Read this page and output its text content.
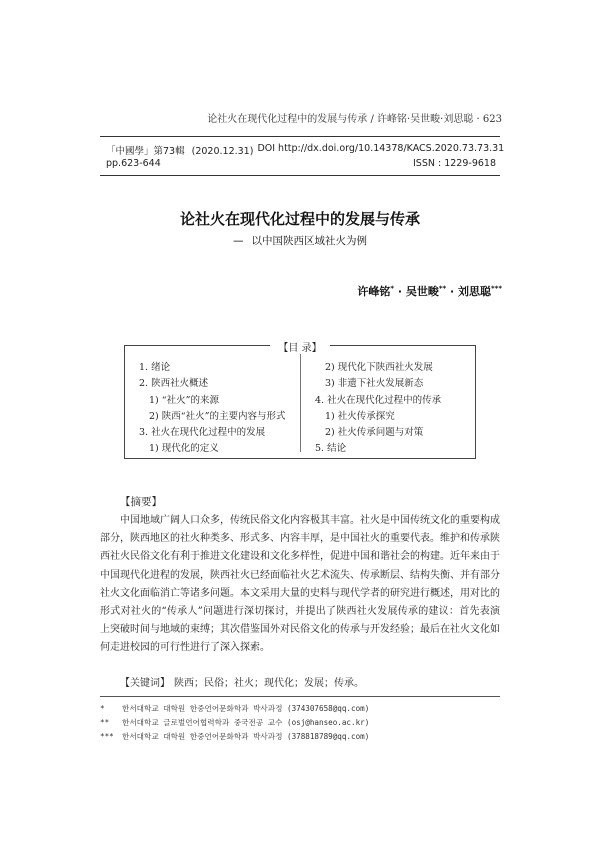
论社火在现代化过程中的发展与传承 / 许峰铭·吴世畯·刘思聪 · 623
「中國學」第73輯 (2020.12.31) DOI http://dx.doi.org/10.14378/KACS.2020.73.73.31
pp.623-644	ISSN : 1229-9618
论社火在现代化过程中的发展与传承
— 以中国陕西区域社火为例
许峰铭* · 吴世畯** · 刘思聪***
【目 录】
1. 绪论
2. 陕西社火概述
1) “社火”的来源
2) 陕西“社火”的主要内容与形式
3. 社火在现代化过程中的发展
1) 现代化的定义
2) 现代化下陕西社火发展
3) 非遗下社火发展新态
4. 社火在现代化过程中的传承
1) 社火传承探究
2) 社火传承问题与对策
5. 结论
【摘要】
中国地域广阔人口众多，传统民俗文化内容极其丰富。社火是中国传统文化的重要构成部分，陕西地区的社火种类多、形式多、内容丰厚，是中国社火的重要代表。维护和传承陕西社火民俗文化有利于推进文化建设和文化多样性，促进中国和谐社会的构建。近年来由于中国现代化进程的发展，陕西社火已经面临社火艺术流失、传承断层、结构失衡、并有部分社火文化面临消亡等诸多问题。本文采用大量的史料与现代学者的研究进行概述，用对比的形式对社火的“传承人”问题进行深切探讨，并提出了陕西社火发展传承的建议：首先表演上突破时间与地域的束缚；其次借鉴国外对民俗文化的传承与开发经验；最后在社火文化如何走进校园的可行性进行了深入探索。
【关键词】 陕西；民俗；社火；现代化；发展；传承。
* 한서대학교 대학원 한중언어문화학과 박사과정 (374307658@qq.com)
** 한서대학교 글로벌언어협력학과 중국전공 교수 (osj@hanseo.ac.kr)
*** 한서대학교 대학원 한중언어문화학과 박사과정 (378818789@qq.com)
